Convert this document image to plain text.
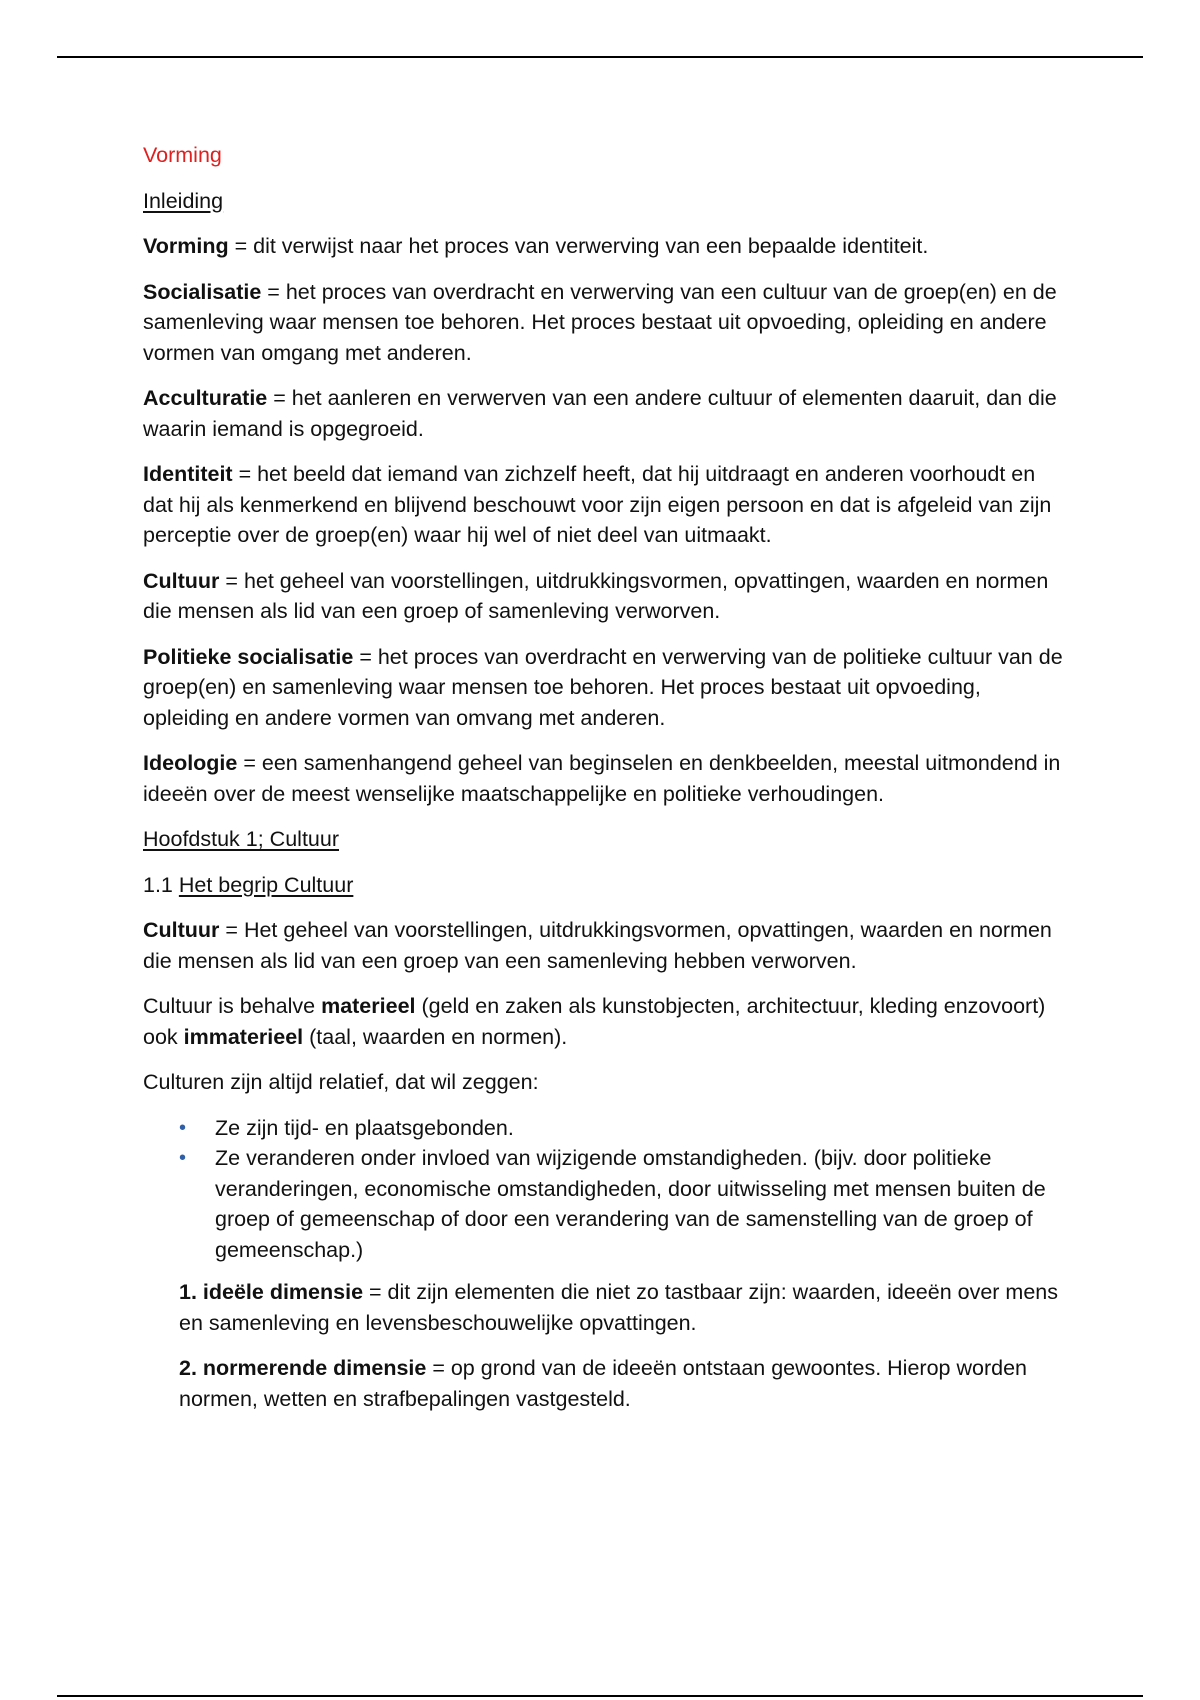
Vorming

Inleiding

Vorming = dit verwijst naar het proces van verwerving van een bepaalde identiteit.

Socialisatie = het proces van overdracht en verwerving van een cultuur van de groep(en) en de samenleving waar mensen toe behoren. Het proces bestaat uit opvoeding, opleiding en andere vormen van omgang met anderen.

Acculturatie = het aanleren en verwerven van een andere cultuur of elementen daaruit, dan die waarin iemand is opgegroeid.

Identiteit = het beeld dat iemand van zichzelf heeft, dat hij uitdraagt en anderen voorhoudt en dat hij als kenmerkend en blijvend beschouwt voor zijn eigen persoon en dat is afgeleid van zijn perceptie over de groep(en) waar hij wel of niet deel van uitmaakt.

Cultuur = het geheel van voorstellingen, uitdrukkingsvormen, opvattingen, waarden en normen die mensen als lid van een groep of samenleving verworven.

Politieke socialisatie = het proces van overdracht en verwerving van de politieke cultuur van de groep(en) en samenleving waar mensen toe behoren. Het proces bestaat uit opvoeding, opleiding en andere vormen van omvang met anderen.

Ideologie = een samenhangend geheel van beginselen en denkbeelden, meestal uitmondend in ideeën over de meest wenselijke maatschappelijke en politieke verhoudingen.

Hoofdstuk 1; Cultuur

1.1 Het begrip Cultuur

Cultuur = Het geheel van voorstellingen, uitdrukkingsvormen, opvattingen, waarden en normen die mensen als lid van een groep van een samenleving hebben verworven.

Cultuur is behalve materieel (geld en zaken als kunstobjecten, architectuur, kleding enzovoort) ook immaterieel (taal, waarden en normen).

Culturen zijn altijd relatief, dat wil zeggen:

• Ze zijn tijd- en plaatsgebonden.
• Ze veranderen onder invloed van wijzigende omstandigheden. (bijv. door politieke veranderingen, economische omstandigheden, door uitwisseling met mensen buiten de groep of gemeenschap of door een verandering van de samenstelling van de groep of gemeenschap.)

1. ideële dimensie = dit zijn elementen die niet zo tastbaar zijn: waarden, ideeën over mens en samenleving en levensbeschouwelijke opvattingen.

2. normerende dimensie = op grond van de ideeën ontstaan gewoontes. Hierop worden normen, wetten en strafbepalingen vastgesteld.
